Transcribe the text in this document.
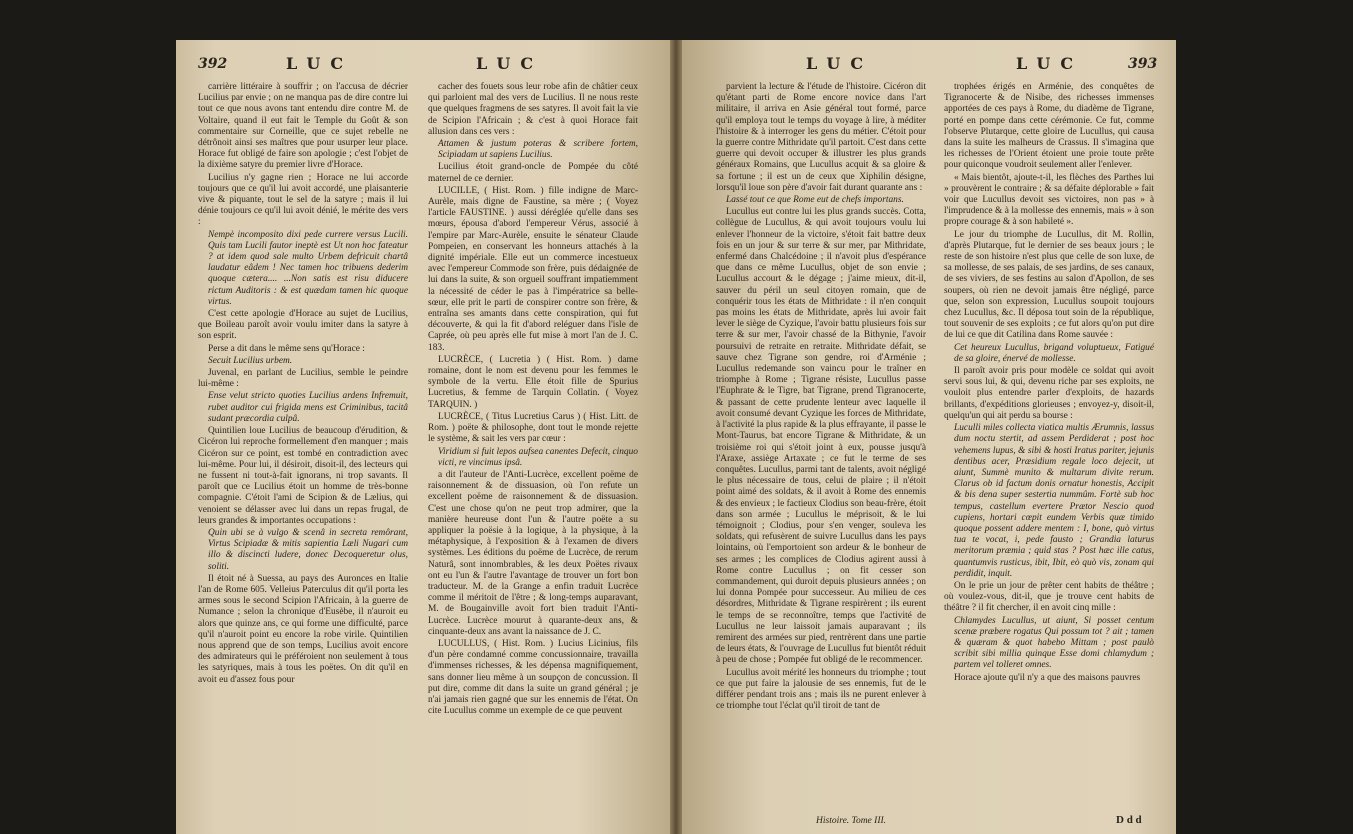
392	LUC	LUC

carrière littéraire à souffrir ; on l'accusa de décrier Lucilius par envie ; on ne manqua pas de dire contre lui tout ce que nous avons tant entendu dire contre M. de Voltaire, quand il eut fait le Temple du Goût & son commentaire sur Corneille, que ce sujet rebelle ne détrônoit ainsi ses maîtres que pour usurper leur place. Horace fut obligé de faire son apologie ; c'est l'objet de la dixième satyre du premier livre d'Horace.

Lucilius n'y gagne rien ; Horace ne lui accorde toujours que ce qu'il lui avoit accordé, une plaisanterie vive & piquante, tout le sel de la satyre ; mais il lui dénie toujours ce qu'il lui avoit dénié, le mérite des vers :

Nempè incomposito dixi pede currere versus Lucili. Quis tam Lucili fautor ineptè est Ut non hoc fateatur ? at idem quod sale multo Urbem defricuit chartâ laudatur eâdem ! Nec tamen hoc tribuens dederim quoque cætera.... ...Non satis est risu diducere rictum Auditoris : & est quædam tamen hic quoque virtus.

C'est cette apologie d'Horace au sujet de Lucilius, que Boileau paroît avoir voulu imiter dans la satyre à son esprit.

Perse a dit dans le même sens qu'Horace :

Secuit Lucilius urbem.

Juvenal, en parlant de Lucilius, semble le peindre lui-même :

Ense velut stricto quoties Lucilius ardens Infremuit, rubet auditor cui frigida mens est Criminibus, tacitâ sudant præcordia culpâ.

Quintilien loue Lucilius de beaucoup d'érudition, & Cicéron lui reproche formellement d'en manquer ; mais Cicéron sur ce point, est tombé en contradiction avec lui-même. Pour lui, il désiroit, disoit-il, des lecteurs qui ne fussent ni tout-à-fait ignorans, ni trop savants. Il paroît que ce Lucilius étoit un homme de très-bonne compagnie. C'étoit l'ami de Scipion & de Lælius, qui venoient se délasser avec lui dans un repas frugal, de leurs grandes & importantes occupations :

Quin ubi se à vulgo & scenâ in secreta remôrant, Virtus Scipiadæ & mitis sapientia Læli Nugari cum illo & discincti ludere, donec Decoqueretur olus, soliti.

Il étoit né à Suessa, au pays des Auronces en Italie l'an de Rome 605. Velleius Paterculus dit qu'il porta les armes sous le second Scipion l'Africain, à la guerre de Numance ; selon la chronique d'Eusèbe, il n'auroit eu alors que quinze ans, ce qui forme une difficulté, parce qu'il n'auroit point eu encore la robe virile. Quintilien nous apprend que de son temps, Lucilius avoit encore des admirateurs qui le préféroient non seulement à tous les satyriques, mais à tous les poëtes. On dit qu'il en avoit eu d'assez fous pour

cacher des fouets sous leur robe afin de châtier ceux qui parloient mal des vers de Lucilius. Il ne nous reste que quelques fragmens de ses satyres. Il avoit fait la vie de Scipion l'Africain ; & c'est à quoi Horace fait allusion dans ces vers :

Attamen & justum poteras & scribere fortem, Scipiadam ut sapiens Lucilius.

Lucilius étoit grand-oncle de Pompée du côté maternel de ce dernier.

LUCILLE, ( Hist. Rom. ) fille indigne de Marc-Aurèle, mais digne de Faustine, sa mère ; ( Voyez l'article FAUSTINE. ) aussi déréglée qu'elle dans ses mœurs, épousa d'abord l'empereur Vérus, associé à l'empire par Marc-Aurèle, ensuite le sénateur Claude Pompeien, en conservant les honneurs attachés à la dignité impériale. Elle eut un commerce incestueux avec l'empereur Commode son frère, puis dédaignée de lui dans la suite, & son orgueil souffrant impatiemment la nécessité de céder le pas à l'impératrice sa belle-sœur, elle prit le parti de conspirer contre son frère, & entraîna ses amants dans cette conspiration, qui fut découverte, & qui la fit d'abord reléguer dans l'isle de Caprée, où peu après elle fut mise à mort l'an de J. C. 183.

LUCRÈCE, ( Lucretia ) ( Hist. Rom. ) dame romaine, dont le nom est devenu pour les femmes le symbole de la vertu. Elle étoit fille de Spurius Lucretius, & femme de Tarquin Collatin. ( Voyez TARQUIN. )

LUCRÈCE, ( Titus Lucretius Carus ) ( Hist. Litt. de Rom. ) poëte & philosophe, dont tout le monde rejette le système, & sait les vers par cœur :

Viridium si fuit lepos aufsea canentes Defecit, cinquo victi, re vincimus ipsâ.

a dit l'auteur de l'Anti-Lucrèce, excellent poëme de raisonnement & de dissuasion, où l'on refute un excellent poëme de raisonnement & de dissuasion. C'est une chose qu'on ne peut trop admirer, que la manière heureuse dont l'un & l'autre poëte a su appliquer la poësie à la logique, à la physique, à la métaphysique, à l'exposition & à l'examen de divers systèmes. Les éditions du poëme de Lucrèce, de rerum Naturâ, sont innombrables, & les deux Poëtes rivaux ont eu l'un & l'autre l'avantage de trouver un fort bon traducteur. M. de la Grange a enfin traduit Lucrèce comme il méritoit de l'être ; & long-temps auparavant, M. de Bougainville avoit fort bien traduit l'Anti-Lucrèce. Lucrèce mourut à quarante-deux ans, & cinquante-deux ans avant la naissance de J. C.

LUCULLUS, ( Hist. Rom. ) Lucius Licinius, fils d'un père condamné comme concussionnaire, travailla d'immenses richesses, & les dépensa magnifiquement, sans donner lieu même à un soupçon de concussion. Il put dire, comme dit dans la suite un grand général ; je n'ai jamais rien gagné que sur les ennemis de l'état. On cite Lucullus comme un exemple de ce que peuvent

LUC	LUC	393

parvient la lecture & l'étude de l'histoire. Cicéron dit qu'étant parti de Rome encore novice dans l'art militaire, il arriva en Asie général tout formé, parce qu'il employa tout le temps du voyage à lire, à méditer l'histoire & à interroger les gens du métier. C'étoit pour la guerre contre Mithridate qu'il partoit. C'est dans cette guerre qui devoit occuper & illustrer les plus grands généraux Romains, que Lucullus acquit & sa gloire & sa fortune ; il est un de ceux que Xiphilin désigne, lorsqu'il loue son père d'avoir fait durant quarante ans :

Lassé tout ce que Rome eut de chefs importans.

Lucullus eut contre lui les plus grands succès. Cotta, collègue de Lucullus, & qui avoit toujours voulu lui enlever l'honneur de la victoire, s'étoit fait battre deux fois en un jour & sur terre & sur mer, par Mithridate, enfermé dans Chalcédoine ; il n'avoit plus d'espérance que dans ce même Lucullus, objet de son envie ; Lucullus accourt & le dégage ; j'aime mieux, dit-il, sauver du péril un seul citoyen romain, que de conquérir tous les états de Mithridate : il n'en conquit pas moins les états de Mithridate, après lui avoir fait lever le siège de Cyzique, l'avoir battu plusieurs fois sur terre & sur mer, l'avoir chassé de la Bithynie, l'avoir poursuivi de retraite en retraite. Mithridate défait, se sauve chez Tigrane son gendre, roi d'Arménie ; Lucullus redemande son vaincu pour le traîner en triomphe à Rome ; Tigrane résiste, Lucullus passe l'Euphrate & le Tigre, bat Tigrane, prend Tigranocerte, & passant de cette prudente lenteur avec laquelle il avoit consumé devant Cyzique les forces de Mithridate, à l'activité la plus rapide & la plus effrayante, il passe le Mont-Taurus, bat encore Tigrane & Mithridate, & un troisième roi qui s'étoit joint à eux, pousse jusqu'à l'Araxe, assiège Artaxate ; ce fut le terme de ses conquêtes. Lucullus, parmi tant de talents, avoit négligé le plus nécessaire de tous, celui de plaire ; il n'étoit point aimé des soldats, & il avoit à Rome des ennemis & des envieux ; le factieux Clodius son beau-frère, étoit dans son armée ; Lucullus le méprisoit, & le lui témoignoit ; Clodius, pour s'en venger, souleva les soldats, qui refusèrent de suivre Lucullus dans les pays lointains, où l'emportoient son ardeur & le bonheur de ses armes ; les complices de Clodius agirent aussi à Rome contre Lucullus ; on fit cesser son commandement, qui duroit depuis plusieurs années ; on lui donna Pompée pour successeur. Au milieu de ces désordres, Mithridate & Tigrane respirèrent ; ils eurent le temps de se reconnoître, temps que l'activité de Lucullus ne leur laissoit jamais auparavant ; ils remirent des armées sur pied, rentrèrent dans une partie de leurs états, & l'ouvrage de Lucullus fut bientôt réduit à peu de chose ; Pompée fut obligé de le recommencer.

Lucullus avoit mérité les honneurs du triomphe ; tout ce que put faire la jalousie de ses ennemis, fut de le différer pendant trois ans ; mais ils ne purent enlever à ce triomphe tout l'éclat qu'il tiroit de tant de

trophées érigés en Arménie, des conquêtes de Tigranocerte & de Nisibe, des richesses immenses apportées de ces pays à Rome, du diadème de Tigrane, porté en pompe dans cette cérémonie. Ce fut, comme l'observe Plutarque, cette gloire de Lucullus, qui causa dans la suite les malheurs de Crassus. Il s'imagina que les richesses de l'Orient étoient une proie toute prête pour quiconque voudroit seulement aller l'enlever.

« Mais bientôt, ajoute-t-il, les flèches des Parthes lui » prouvèrent le contraire ; & sa défaite déplorable » fait voir que Lucullus devoit ses victoires, non pas » à l'imprudence & à la mollesse des ennemis, mais » à son propre courage & à son habileté ».

Le jour du triomphe de Lucullus, dit M. Rollin, d'après Plutarque, fut le dernier de ses beaux jours ; le reste de son histoire n'est plus que celle de son luxe, de sa mollesse, de ses palais, de ses jardins, de ses canaux, de ses viviers, de ses festins au salon d'Apollon, de ses soupers, où rien ne devoit jamais être négligé, parce que, selon son expression, Lucullus soupoit toujours chez Lucullus, &c. Il déposa tout soin de la république, tout souvenir de ses exploits ; ce fut alors qu'on put dire de lui ce que dit Catilina dans Rome sauvée :

Cet heureux Lucullus, brigand voluptueux, Fatigué de sa gloire, énervé de mollesse.

Il paroît avoir pris pour modèle ce soldat qui avoit servi sous lui, & qui, devenu riche par ses exploits, ne vouloit plus entendre parler d'exploits, de hazards brillants, d'expéditions glorieuses ; envoyez-y, disoit-il, quelqu'un qui ait perdu sa bourse :

Luculli miles collecta viatica multis Ærumnis, lassus dum noctu stertit, ad assem Perdiderat ; post hoc vehemens lupus, & sibi & hosti Iratus pariter, jejunis dentibus acer, Præsidium regale loco dejecit, ut aiunt, Summè munito & multarum divite rerum. Clarus ob id factum donis ornatur honestis, Accipit & bis dena super sestertia nummûm. Fortè sub hoc tempus, castellum evertere Prætor Nescio quod cupiens, hortari cœpit eundem Verbis quæ timido quoque possent addere mentem : I, bone, quò virtus tua te vocat, i, pede fausto ; Grandia laturus meritorum præmia ; quid stas ? Post hæc ille catus, quantumvis rusticus, ibit, Ibit, eò quò vis, zonam qui perdidit, inquit.

On le prie un jour de prêter cent habits de théâtre ; où voulez-vous, dit-il, que je trouve cent habits de théâtre ? il fit chercher, il en avoit cinq mille :

Chlamydes Lucullus, ut aiunt, Si posset centum scenæ præbere rogatus Qui possum tot ? ait ; tamen & quæram & quot habebo Mittam ; post paulò scribit sibi millia quinque Esse domi chlamydum ; partem vel tolleret omnes.

Horace ajoute qu'il n'y a que des maisons pauvres

Histoire. Tome III.	D d d
